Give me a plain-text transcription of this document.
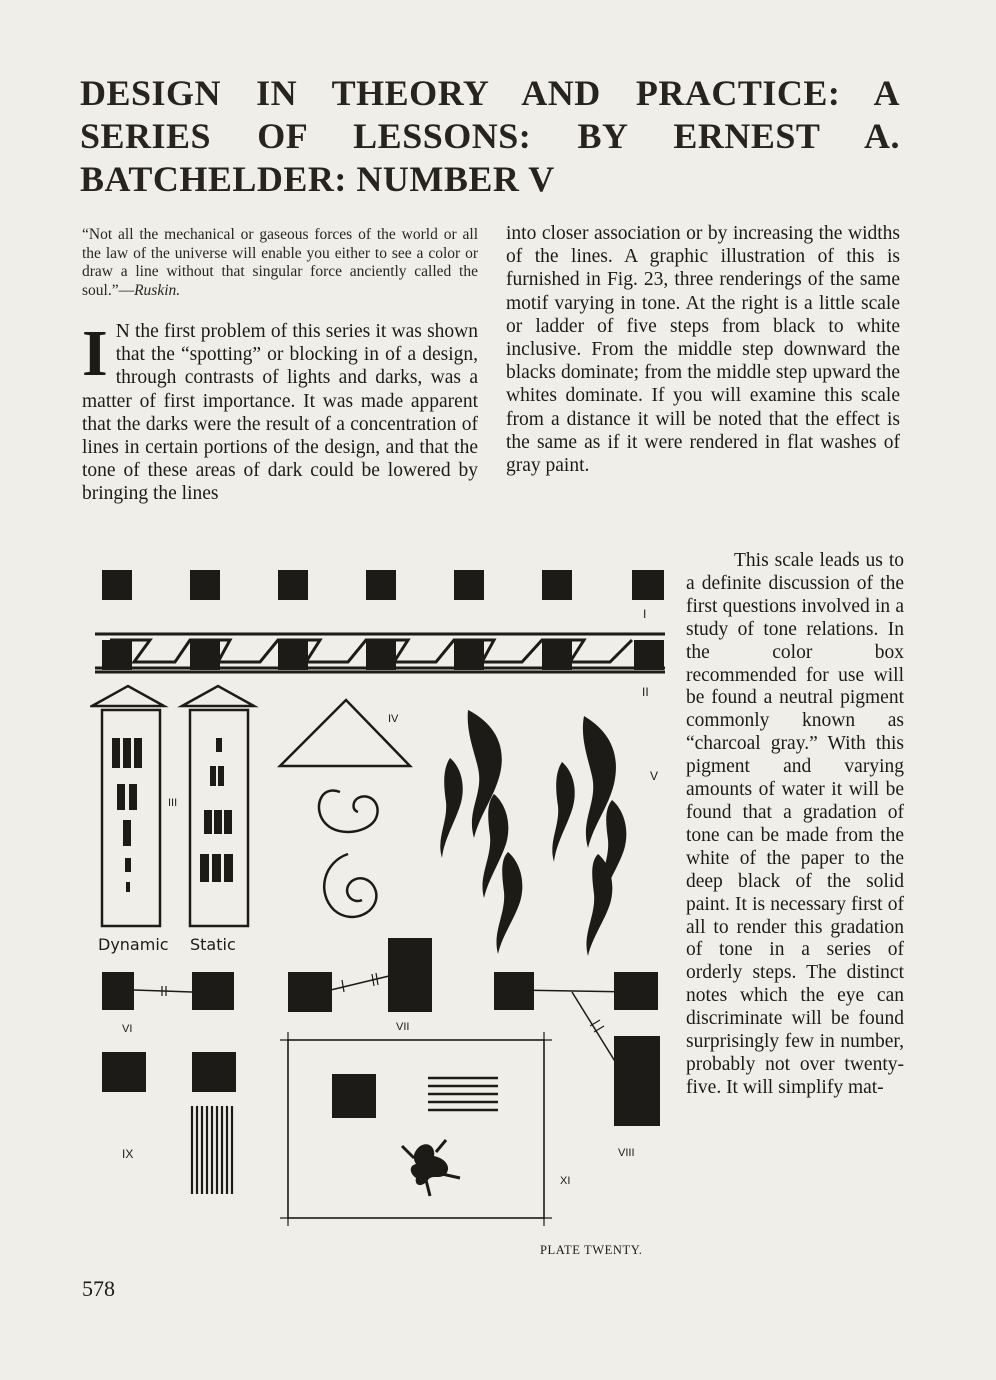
DESIGN IN THEORY AND PRACTICE: A SERIES OF LESSONS: BY ERNEST A. BATCHELDER: NUMBER V

“Not all the mechanical or gaseous forces of the world or all the law of the universe will enable you either to see a color or draw a line without that singular force anciently called the soul.”—Ruskin.

I N the first problem of this series it was shown that the “spotting” or blocking in of a design, through contrasts of lights and darks, was a matter of first importance. It was made apparent that the darks were the result of a concentration of lines in certain portions of the design, and that the tone of these areas of dark could be lowered by bringing the lines

into closer association or by increasing the widths of the lines. A graphic illustration of this is furnished in Fig. 23, three renderings of the same motif varying in tone. At the right is a little scale or ladder of five steps from black to white inclusive. From the middle step downward the blacks dominate; from the middle step upward the whites dominate. If you will examine this scale from a distance it will be noted that the effect is the same as if it were rendered in flat washes of gray paint.

This scale leads us to a definite discussion of the first questions involved in a study of tone relations. In the color box recommended for use will be found a neutral pigment commonly known as “charcoal gray.” With this pigment and varying amounts of water it will be found that a gradation of tone can be made from the white of the paper to the deep black of the solid paint. It is necessary first of all to render this gradation of tone in a series of orderly steps. The distinct notes which the eye can discriminate will be found surprisingly few in number, probably not over twenty-five. It will simplify mat-

I
II
III
Dynamic Static
IV
V
VI	VII
VIII
IX
XI

PLATE TWENTY.

578
